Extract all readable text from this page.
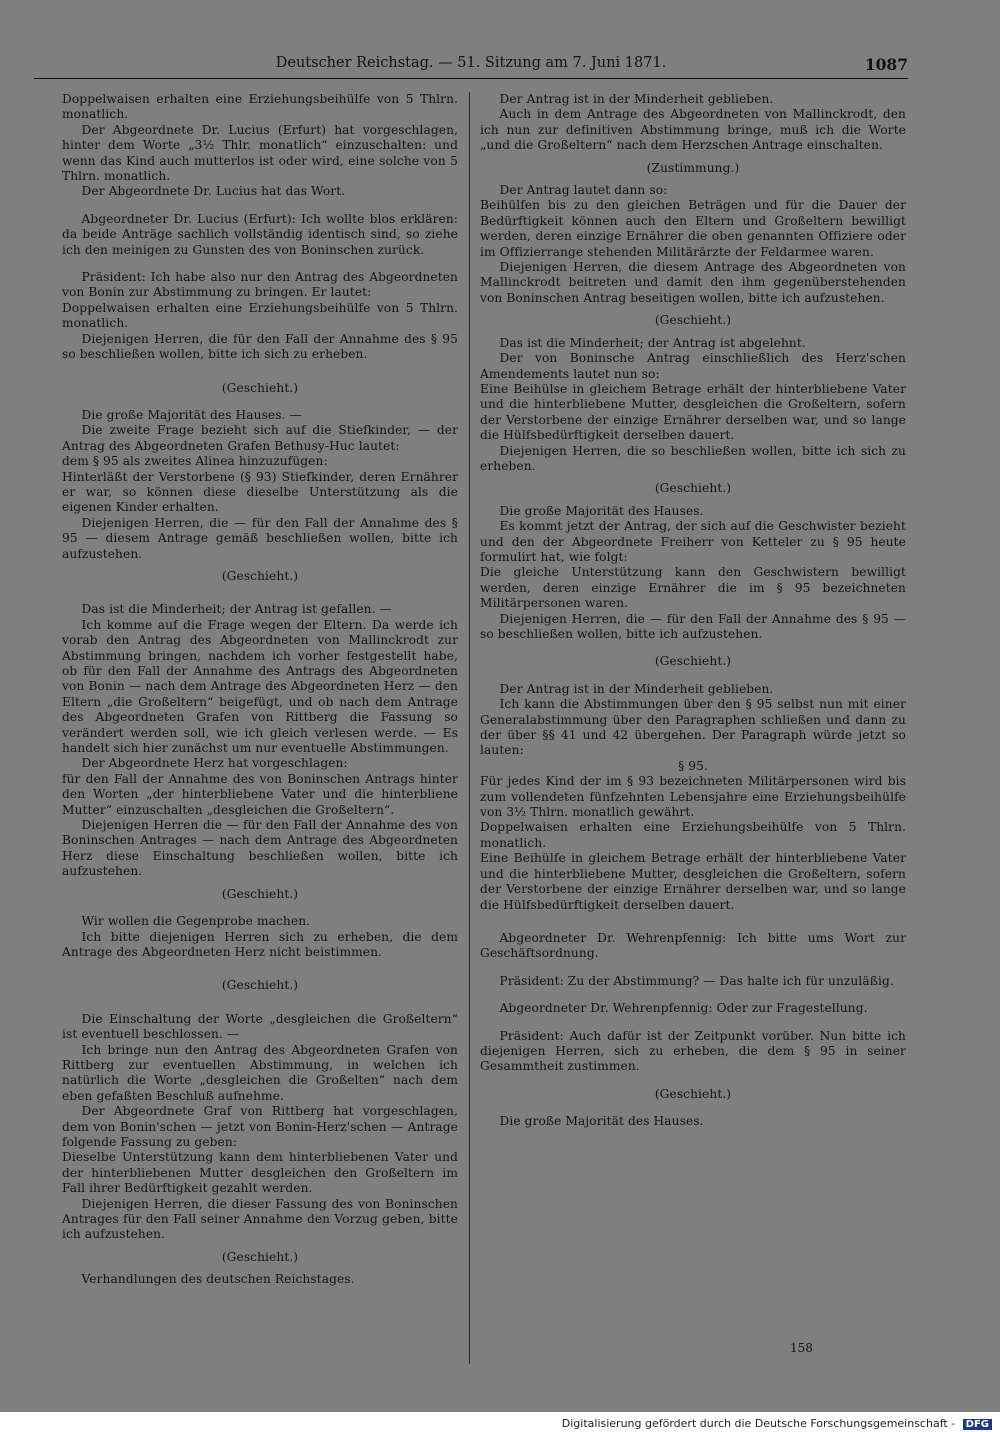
Deutscher Reichstag. — 51. Sitzung am 7. Juni 1871.	1087

Doppelwaisen erhalten eine Erziehungsbeihülfe von 5 Thlrn. monatlich.

Der Abgeordnete Dr. Lucius (Erfurt) hat vorgeschlagen, hinter dem Worte „3½ Thlr. monatlich“ einzuschalten: und wenn das Kind auch mutterlos ist oder wird, eine solche von 5 Thlrn. monatlich.

Der Abgeordnete Dr. Lucius hat das Wort.

Abgeordneter Dr. Lucius (Erfurt): Ich wollte blos erklären: da beide Anträge sachlich vollständig identisch sind, so ziehe ich den meinigen zu Gunsten des von Boninschen zurück.

Präsident: Ich habe also nur den Antrag des Abgeordneten von Bonin zur Abstimmung zu bringen. Er lautet:

Doppelwaisen erhalten eine Erziehungsbeihülfe von 5 Thlrn. monatlich.

Diejenigen Herren, die für den Fall der Annahme des § 95 so beschließen wollen, bitte ich sich zu erheben.

(Geschieht.)

Die große Majorität des Hauses. —

Die zweite Frage bezieht sich auf die Stiefkinder, — der Antrag des Abgeordneten Grafen Bethusy-Huc lautet:

dem § 95 als zweites Alinea hinzuzufügen:

Hinterläßt der Verstorbene (§ 93) Stiefkinder, deren Ernährer er war, so können diese dieselbe Unterstützung als die eigenen Kinder erhalten.

Diejenigen Herren, die — für den Fall der Annahme des § 95 — diesem Antrage gemäß beschließen wollen, bitte ich aufzustehen.

(Geschieht.)

Das ist die Minderheit; der Antrag ist gefallen. —

Ich komme auf die Frage wegen der Eltern. Da werde ich vorab den Antrag des Abgeordneten von Mallinckrodt zur Abstimmung bringen, nachdem ich vorher festgestellt habe, ob für den Fall der Annahme des Antrags des Abgeordneten von Bonin — nach dem Antrage des Abgeordneten Herz — den Eltern „die Großeltern“ beigefügt, und ob nach dem Antrage des Abgeordneten Grafen von Rittberg die Fassung so verändert werden soll, wie ich gleich verlesen werde. — Es handelt sich hier zunächst um nur eventuelle Abstimmungen.

Der Abgeordnete Herz hat vorgeschlagen:

für den Fall der Annahme des von Boninschen Antrags hinter den Worten „der hinterbliebene Vater und die hinterbliene Mutter“ einzuschalten „desgleichen die Großeltern“.

Diejenigen Herren die — für den Fall der Annahme des von Boninschen Antrages — nach dem Antrage des Abgeordneten Herz diese Einschaltung beschließen wollen, bitte ich aufzustehen.

(Geschieht.)

Wir wollen die Gegenprobe machen.

Ich bitte diejenigen Herren sich zu erheben, die dem Antrage des Abgeordneten Herz nicht beistimmen.

(Geschieht.)

Die Einschaltung der Worte „desgleichen die Großeltern“ ist eventuell beschlossen. —

Ich bringe nun den Antrag des Abgeordneten Grafen von Rittberg zur eventuellen Abstimmung, in welchen ich natürlich die Worte „desgleichen die Großelten“ nach dem eben gefaßten Beschluß aufnehme.

Der Abgeordnete Graf von Rittberg hat vorgeschlagen, dem von Bonin'schen — jetzt von Bonin-Herz'schen — Antrage folgende Fassung zu geben:

Dieselbe Unterstützung kann dem hinterbliebenen Vater und der hinterbliebenen Mutter desgleichen den Großeltern im Fall ihrer Bedürftigkeit gezahlt werden.

Diejenigen Herren, die dieser Fassung des von Boninschen Antrages für den Fall seiner Annahme den Vorzug geben, bitte ich aufzustehen.

(Geschieht.)

Verhandlungen des deutschen Reichstages.

Der Antrag ist in der Minderheit geblieben.

Auch in dem Antrage des Abgeordneten von Mallinckrodt, den ich nun zur definitiven Abstimmung bringe, muß ich die Worte „und die Großeltern“ nach dem Herzschen Antrage einschalten.

(Zustimmung.)

Der Antrag lautet dann so:

Beihülfen bis zu den gleichen Beträgen und für die Dauer der Bedürftigkeit können auch den Eltern und Großeltern bewilligt werden, deren einzige Ernährer die oben genannten Offiziere oder im Offizierrange stehenden Militärärzte der Feldarmee waren.

Diejenigen Herren, die diesem Antrage des Abgeordneten von Mallinckrodt beitreten und damit den ihm gegenüberstehenden von Boninschen Antrag beseitigen wollen, bitte ich aufzustehen.

(Geschieht.)

Das ist die Minderheit; der Antrag ist abgelehnt.

Der von Boninsche Antrag einschließlich des Herz'schen Amendements lautet nun so:

Eine Beihülse in gleichem Betrage erhält der hinterbliebene Vater und die hinterbliebene Mutter, desgleichen die Großeltern, sofern der Verstorbene der einzige Ernährer derselben war, und so lange die Hülfsbedürftigkeit derselben dauert.

Diejenigen Herren, die so beschließen wollen, bitte ich sich zu erheben.

(Geschieht.)

Die große Majorität des Hauses.

Es kommt jetzt der Antrag, der sich auf die Geschwister bezieht und den der Abgeordnete Freiherr von Ketteler zu § 95 heute formulirt hat, wie folgt:

Die gleiche Unterstützung kann den Geschwistern bewilligt werden, deren einzige Ernährer die im § 95 bezeichneten Militärpersonen waren.

Diejenigen Herren, die — für den Fall der Annahme des § 95 — so beschließen wollen, bitte ich aufzustehen.

(Geschieht.)

Der Antrag ist in der Minderheit geblieben.

Ich kann die Abstimmungen über den § 95 selbst nun mit einer Generalabstimmung über den Paragraphen schließen und dann zu der über §§ 41 und 42 übergehen. Der Paragraph würde jetzt so lauten:

§ 95.

Für jedes Kind der im § 93 bezeichneten Militärpersonen wird bis zum vollendeten fünfzehnten Lebensjahre eine Erziehungsbeihülfe von 3½ Thlrn. monatlich gewährt.

Doppelwaisen erhalten eine Erziehungsbeihülfe von 5 Thlrn. monatlich.

Eine Beihülfe in gleichem Betrage erhält der hinterbliebene Vater und die hinterbliebene Mutter, desgleichen die Großeltern, sofern der Verstorbene der einzige Ernährer derselben war, und so lange die Hülfsbedürftigkeit derselben dauert.

Abgeordneter Dr. Wehrenpfennig: Ich bitte ums Wort zur Geschäftsordnung.

Präsident: Zu der Abstimmung? — Das halte ich für unzuläßig.

Abgeordneter Dr. Wehrenpfennig: Oder zur Fragestellung.

Präsident: Auch dafür ist der Zeitpunkt vorüber. Nun bitte ich diejenigen Herren, sich zu erheben, die dem § 95 in seiner Gesammtheit zustimmen.

(Geschieht.)

Die große Majorität des Hauses.

158
Digitalisierung gefördert durch die Deutsche Forschungsgemeinschaft - DFG
